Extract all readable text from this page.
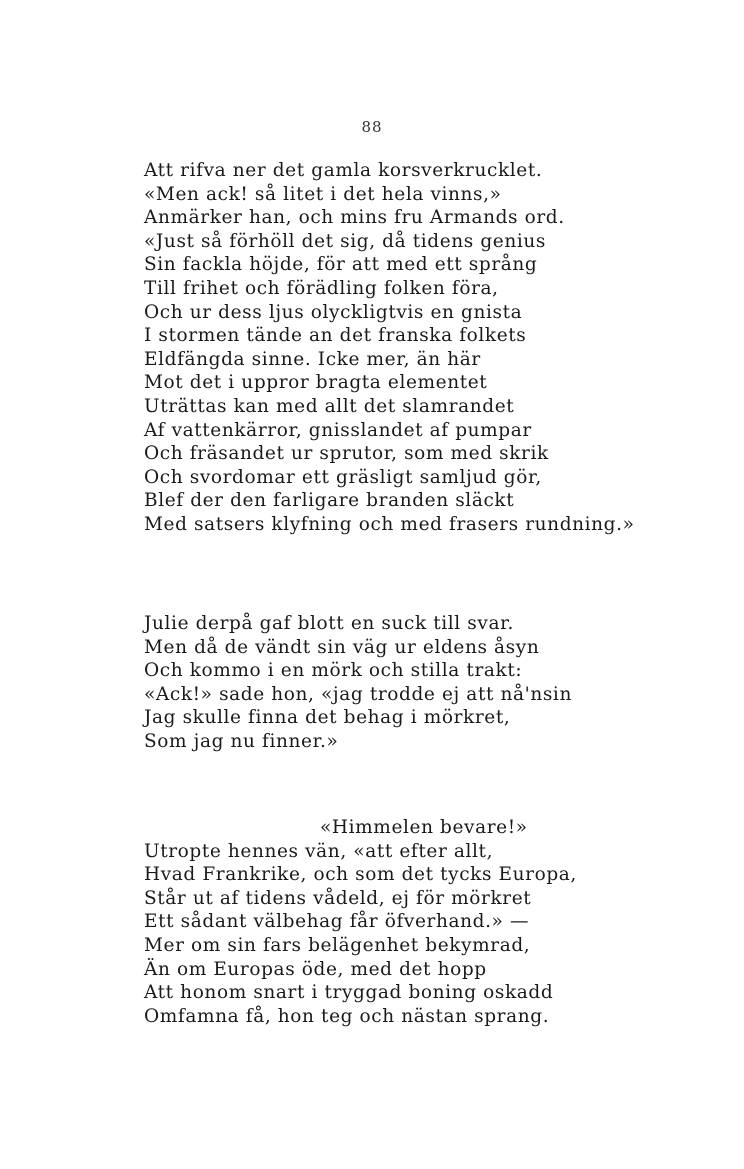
88
Att rifva ner det gamla korsverkrucklet.
«Men ack! så litet i det hela vinns,»
Anmärker han, och mins fru Armands ord.
«Just så förhöll det sig, då tidens genius
Sin fackla höjde, för att med ett språng
Till frihet och förädling folken föra,
Och ur dess ljus olyckligtvis en gnista
I stormen tände an det franska folkets
Eldfängda sinne. Icke mer, än här
Mot det i uppror bragta elementet
Uträttas kan med allt det slamrandet
Af vattenkärror, gnisslandet af pumpar
Och fräsandet ur sprutor, som med skrik
Och svordomar ett gräsligt samljud gör,
Blef der den farligare branden släckt
Med satsers klyfning och med frasers rundning.»
Julie derpå gaf blott en suck till svar.
Men då de vändt sin väg ur eldens åsyn
Och kommo i en mörk och stilla trakt:
«Ack!» sade hon, «jag trodde ej att nå'nsin
Jag skulle finna det behag i mörkret,
Som jag nu finner.»
«Himmelen bevare!»
Utropte hennes vän, «att efter allt,
Hvad Frankrike, och som det tycks Europa,
Står ut af tidens vådeld, ej för mörkret
Ett sådant välbehag får öfverhand.» —
Mer om sin fars belägenhet bekymrad,
Än om Europas öde, med det hopp
Att honom snart i tryggad boning oskadd
Omfamna få, hon teg och nästan sprang.
